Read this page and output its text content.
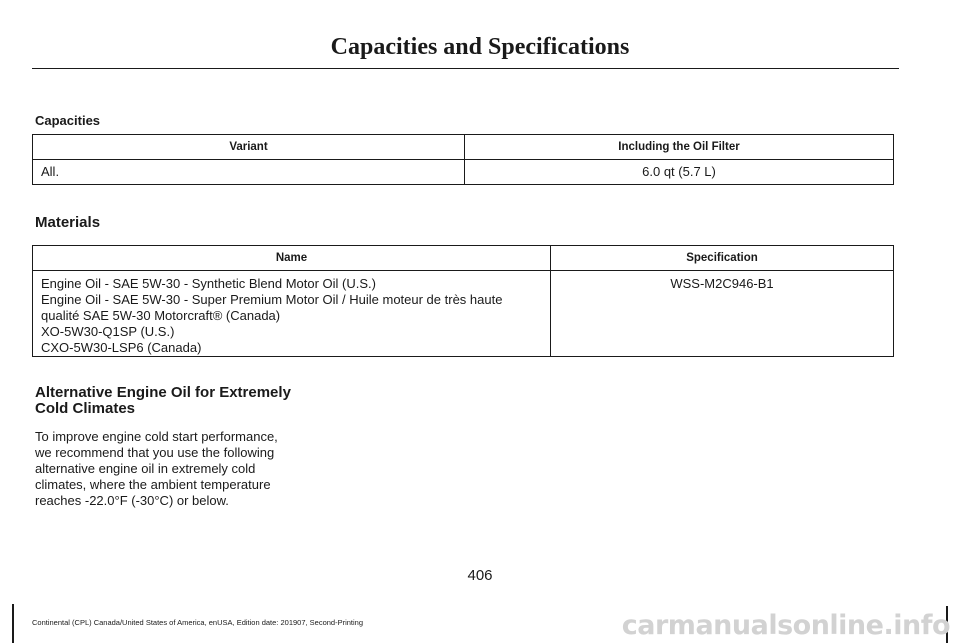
Capacities and Specifications
Capacities
Variant	Including the Oil Filter
All.	6.0 qt (5.7 L)
Materials
Name	Specification

Engine Oil - SAE 5W-30 - Synthetic Blend Motor Oil (U.S.)
Engine Oil - SAE 5W-30 - Super Premium Motor Oil / Huile moteur de très haute
qualité SAE 5W-30 Motorcraft® (Canada)
XO-5W30-Q1SP (U.S.)
CXO-5W30-LSP6 (Canada)	WSS-M2C946-B1
Alternative Engine Oil for Extremely
Cold Climates
To improve engine cold start performance,
we recommend that you use the following
alternative engine oil in extremely cold
climates, where the ambient temperature
reaches -22.0°F (-30°C) or below.
406
Continental (CPL) Canada/United States of America, enUSA, Edition date: 201907, Second-Printing	carmanualsonline.info
